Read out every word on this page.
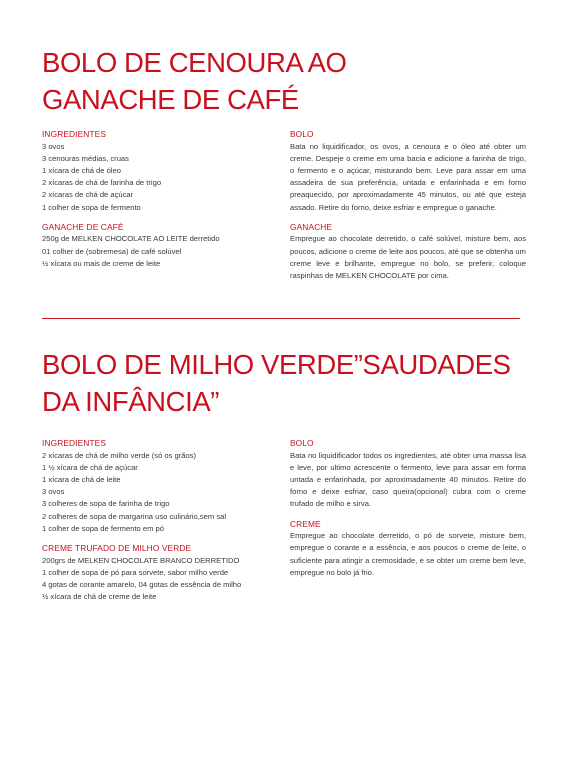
BOLO DE CENOURA AO
GANACHE DE CAFÉ
INGREDIENTES
3 ovos
3 cenouras médias, cruas
1 xícara de chá de óleo
2 xícaras de chá de farinha de trigo
2 xícaras de chá de açúcar
1 colher de sopa de fermento
GANACHE DE CAFÉ
250g de MELKEN CHOCOLATE AO LEITE derretido
01 colher de (sobremesa) de café solúvel
½ xícara ou mais de creme de leite
BOLO
Bata no liquidificador, os ovos, a cenoura e o óleo até obter um creme. Despeje o creme em uma bacia e adicione a farinha de trigo, o fermento e o açúcar, misturando bem. Leve para assar em uma assadeira de sua preferência, untada e enfarinhada e em forno preaquecido, por aproximadamente 45 minutos, ou até que esteja assado. Retire do forno, deixe esfriar e empregue o ganache.
GANACHE
Empregue ao chocolate derretido, o café solúvel, misture bem, aos poucos, adicione o creme de leite aos poucos, até que se obtenha um creme leve e brilhante, empregue no bolo, se preferir, coloque raspinhas de MELKEN CHOCOLATE por cima.
BOLO DE MILHO VERDE”SAUDADES
DA INFÂNCIA”
INGREDIENTES
2 xícaras de chá de milho verde (só os grãos)
1 ½ xícara de chá de açúcar
1 xícara de chá de leite
3 ovos
3 colheres de sopa de farinha de trigo
2 colheres de sopa de margarina uso culinário,sem sal
1 colher de sopa de fermento em pó
CREME TRUFADO DE MILHO VERDE
200grs de MELKEN CHOCOLATE BRANCO DERRETIDO
1 colher de sopa de pó para sorvete, sabor milho verde
4 gotas de corante amarelo, 04 gotas de essência de milho
½ xícara de chá de creme de leite
BOLO
Bata no liquidificador todos os ingredientes, até obter uma massa lisa e leve, por ultimo acrescente o fermento, leve para assar em forma untada e enfarinhada, por aproximadamente 40 minutos. Retire do forno e deixe esfriar, caso queira(opcional) cubra com o creme trufado de milho e sirva.
CREME
Empregue ao chocolate derretido, o pó de sorvete, misture bem, empregue o corante e a essência, e aos poucos o creme de leite, o suficiente para atingir a cremosidade, e se obter um creme bem leve, empregue no bolo já frio.
